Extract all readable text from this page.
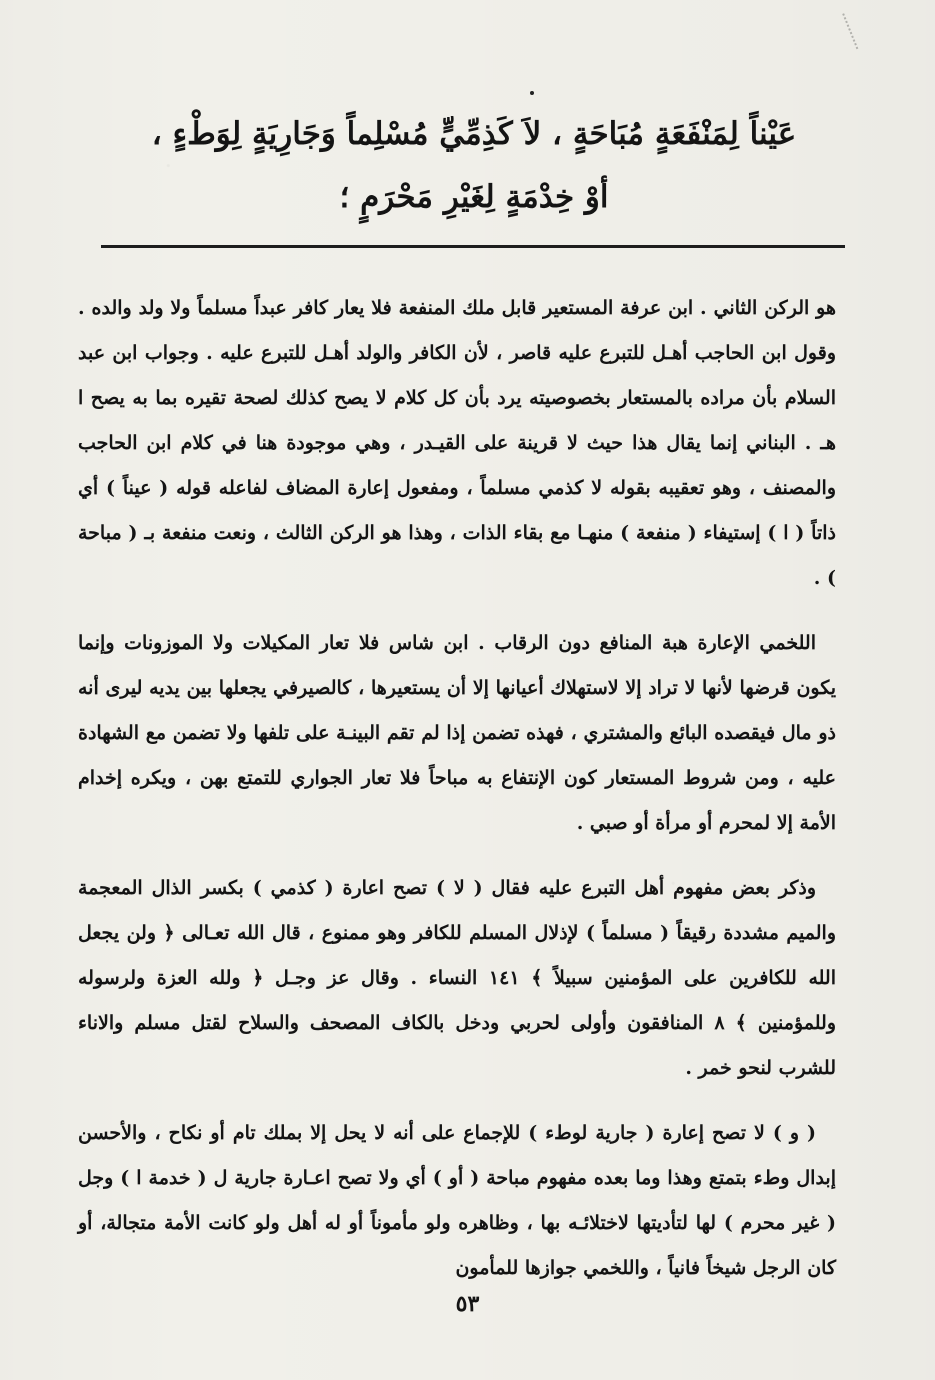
عَيْناً لِمَنْفَعَةٍ مُبَاحَةٍ ، لاَ كَذِمِّيٍّ مُسْلِماً وَجَارِيَةٍ لِوَطْءٍ ،
أوْ خِدْمَةٍ لِغَيْرِ مَحْرَمٍ ؛

هو الركن الثاني . ابن عرفة المستعير قابل ملك المنفعة فلا يعار كافر عبداً مسلماً ولا ولد والده . وقول ابن الحاجب أهـل للتبرع عليه قاصر ، لأن الكافر والولد أهـل للتبرع عليه . وجواب ابن عبد السلام بأن مراده بالمستعار بخصوصيته يرد بأن كل كلام لا يصح كذلك لصحة تقيره بما به يصح ا هـ . البناني إنما يقال هذا حيث لا قرينة على القيـدر ، وهي موجودة هنا في كلام ابن الحاجب والمصنف ، وهو تعقيبه بقوله لا كذمي مسلماً ، ومفعول إعارة المضاف لفاعله قوله ( عيناً ) أي ذاتاً ( ا ) إستيفاء ( منفعة ) منهـا مع بقاء الذات ، وهذا هو الركن الثالث ، ونعت منفعة بـ ( مباحة ) .

اللخمي الإعارة هبة المنافع دون الرقاب . ابن شاس فلا تعار المكيلات ولا الموزونات وإنما يكون قرضها لأنها لا تراد إلا لاستهلاك أعيانها إلا أن يستعيرها ، كالصيرفي يجعلها بين يديه ليرى أنه ذو مال فيقصده البائع والمشتري ، فهذه تضمن إذا لم تقم البينـة على تلفها ولا تضمن مع الشهادة عليه ، ومن شروط المستعار كون الإنتفاع به مباحاً فلا تعار الجواري للتمتع بهن ، ويكره إخدام الأمة إلا لمحرم أو مرأة أو صبي .

وذكر بعض مفهوم أهل التبرع عليه فقال ( لا ) تصح اعارة ( كذمي ) بكسر الذال المعجمة والميم مشددة رقيقاً ( مسلماً ) لإذلال المسلم للكافر وهو ممنوع ، قال الله تعـالى ﴿ ولن يجعل الله للكافرين على المؤمنين سبيلاً ﴾ ١٤١ النساء . وقال عز وجـل ﴿ ولله العزة ولرسوله وللمؤمنين ﴾ ٨ المنافقون وأولى لحربي ودخل بالكاف المصحف والسلاح لقتل مسلم والاناء للشرب لنحو خمر .

( و ) لا تصح إعارة ( جارية لوطء ) للإجماع على أنه لا يحل إلا بملك تام أو نكاح ، والأحسن إبدال وطء بتمتع وهذا وما بعده مفهوم مباحة ( أو ) أي ولا تصح اعـارة جارية ل ( خدمة ا ) وجل ( غير محرم ) لها لتأديتها لاختلائـه بها ، وظاهره ولو مأموناً أو له أهل ولو كانت الأمة متجالة، أو كان الرجل شيخاً فانياً ، واللخمي جوازها للمأمون

٥٣
